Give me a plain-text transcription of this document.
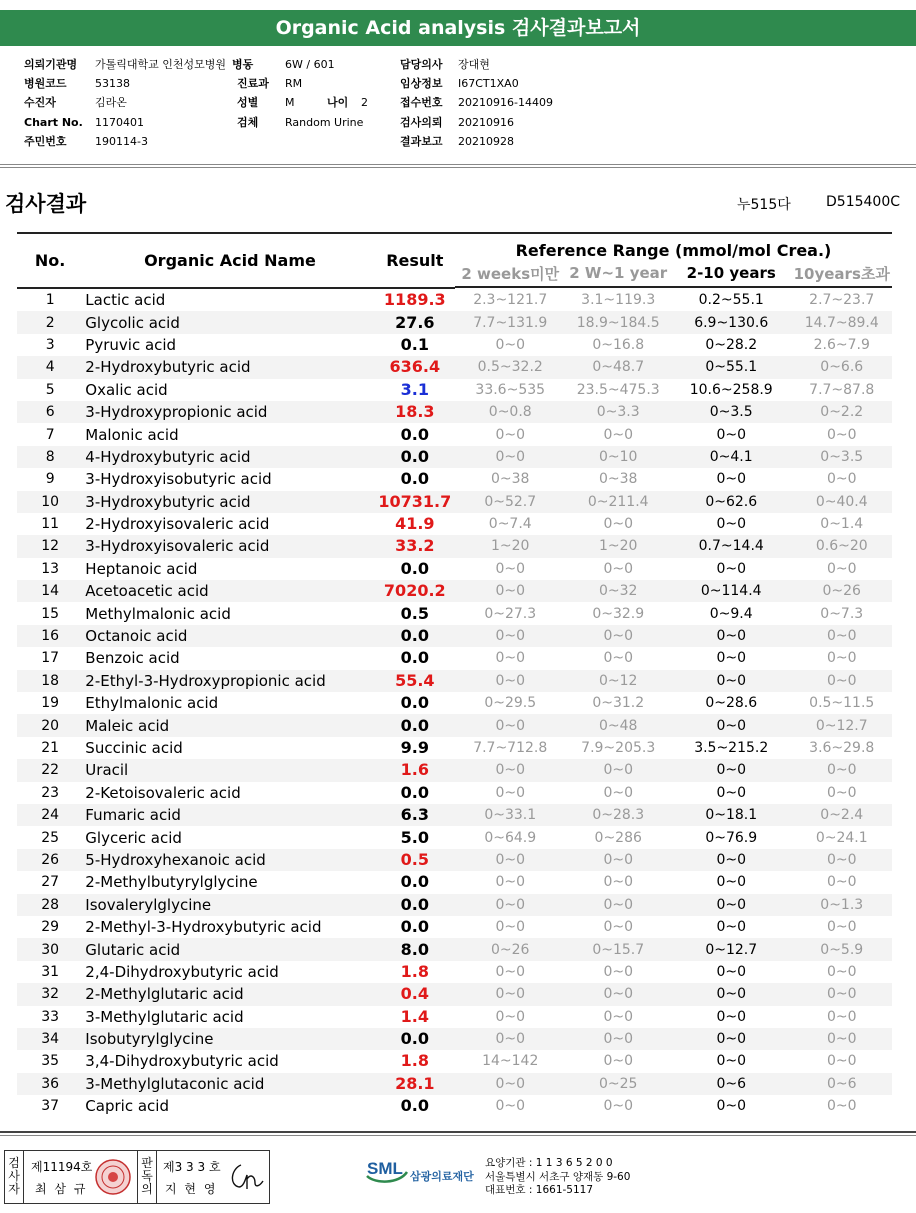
Organic Acid analysis 검사결과보고서
의뢰기관명 가톨릭대학교 인천성모병원 병동	6W / 601	담당의사 장대현
병원코드	53138	진료과 RM	임상정보 I67CT1XA0
수진자	김라온	성별 M	나이 2	접수번호 20210916-14409
Chart No. 1170401	검체 Random Urine	검사의뢰 20210916
주민번호	190114-3	결과보고 20210928
검사결과	누515다	D515400C

No.	Organic Acid Name	Result	Reference Range (mmol/mol Crea.)			
			2 weeks미만	2 W~1 year	2-10 years	10years초과

1	Lactic acid	1189.3	2.3~121.7	3.1~119.3	0.2~55.1	2.7~23.7
2	Glycolic acid	27.6	7.7~131.9	18.9~184.5	6.9~130.6	14.7~89.4
3	Pyruvic acid	0.1	0~0	0~16.8	0~28.2	2.6~7.9
4	2-Hydroxybutyric acid	636.4	0.5~32.2	0~48.7	0~55.1	0~6.6
5	Oxalic acid	3.1	33.6~535	23.5~475.3	10.6~258.9	7.7~87.8
6	3-Hydroxypropionic acid	18.3	0~0.8	0~3.3	0~3.5	0~2.2
7	Malonic acid	0.0	0~0	0~0	0~0	0~0
8	4-Hydroxybutyric acid	0.0	0~0	0~10	0~4.1	0~3.5
9	3-Hydroxyisobutyric acid	0.0	0~38	0~38	0~0	0~0
10	3-Hydroxybutyric acid	10731.7	0~52.7	0~211.4	0~62.6	0~40.4
11	2-Hydroxyisovaleric acid	41.9	0~7.4	0~0	0~0	0~1.4
12	3-Hydroxyisovaleric acid	33.2	1~20	1~20	0.7~14.4	0.6~20
13	Heptanoic acid	0.0	0~0	0~0	0~0	0~0
14	Acetoacetic acid	7020.2	0~0	0~32	0~114.4	0~26
15	Methylmalonic acid	0.5	0~27.3	0~32.9	0~9.4	0~7.3
16	Octanoic acid	0.0	0~0	0~0	0~0	0~0
17	Benzoic acid	0.0	0~0	0~0	0~0	0~0
18	2-Ethyl-3-Hydroxypropionic acid	55.4	0~0	0~12	0~0	0~0
19	Ethylmalonic acid	0.0	0~29.5	0~31.2	0~28.6	0.5~11.5
20	Maleic acid	0.0	0~0	0~48	0~0	0~12.7
21	Succinic acid	9.9	7.7~712.8	7.9~205.3	3.5~215.2	3.6~29.8
22	Uracil	1.6	0~0	0~0	0~0	0~0
23	2-Ketoisovaleric acid	0.0	0~0	0~0	0~0	0~0
24	Fumaric acid	6.3	0~33.1	0~28.3	0~18.1	0~2.4
25	Glyceric acid	5.0	0~64.9	0~286	0~76.9	0~24.1
26	5-Hydroxyhexanoic acid	0.5	0~0	0~0	0~0	0~0
27	2-Methylbutyrylglycine	0.0	0~0	0~0	0~0	0~0
28	Isovalerylglycine	0.0	0~0	0~0	0~0	0~1.3
29	2-Methyl-3-Hydroxybutyric acid	0.0	0~0	0~0	0~0	0~0
30	Glutaric acid	8.0	0~26	0~15.7	0~12.7	0~5.9
31	2,4-Dihydroxybutyric acid	1.8	0~0	0~0	0~0	0~0
32	2-Methylglutaric acid	0.4	0~0	0~0	0~0	0~0
33	3-Methylglutaric acid	1.4	0~0	0~0	0~0	0~0
34	Isobutyrylglycine	0.0	0~0	0~0	0~0	0~0
35	3,4-Dihydroxybutyric acid	1.8	14~142	0~0	0~0	0~0
36	3-Methylglutaconic acid	28.1	0~0	0~25	0~6	0~6
37	Capric acid	0.0	0~0	0~0	0~0	0~0
검사자
제11194호
최 삼 규
판독의
제3 3 3 호
지 현 영
SML 삼광의료재단
요양기관 : 1 1 3 6 5 2 0 0
서울특별시 서초구 양재동 9-60
대표번호 : 1661-5117
